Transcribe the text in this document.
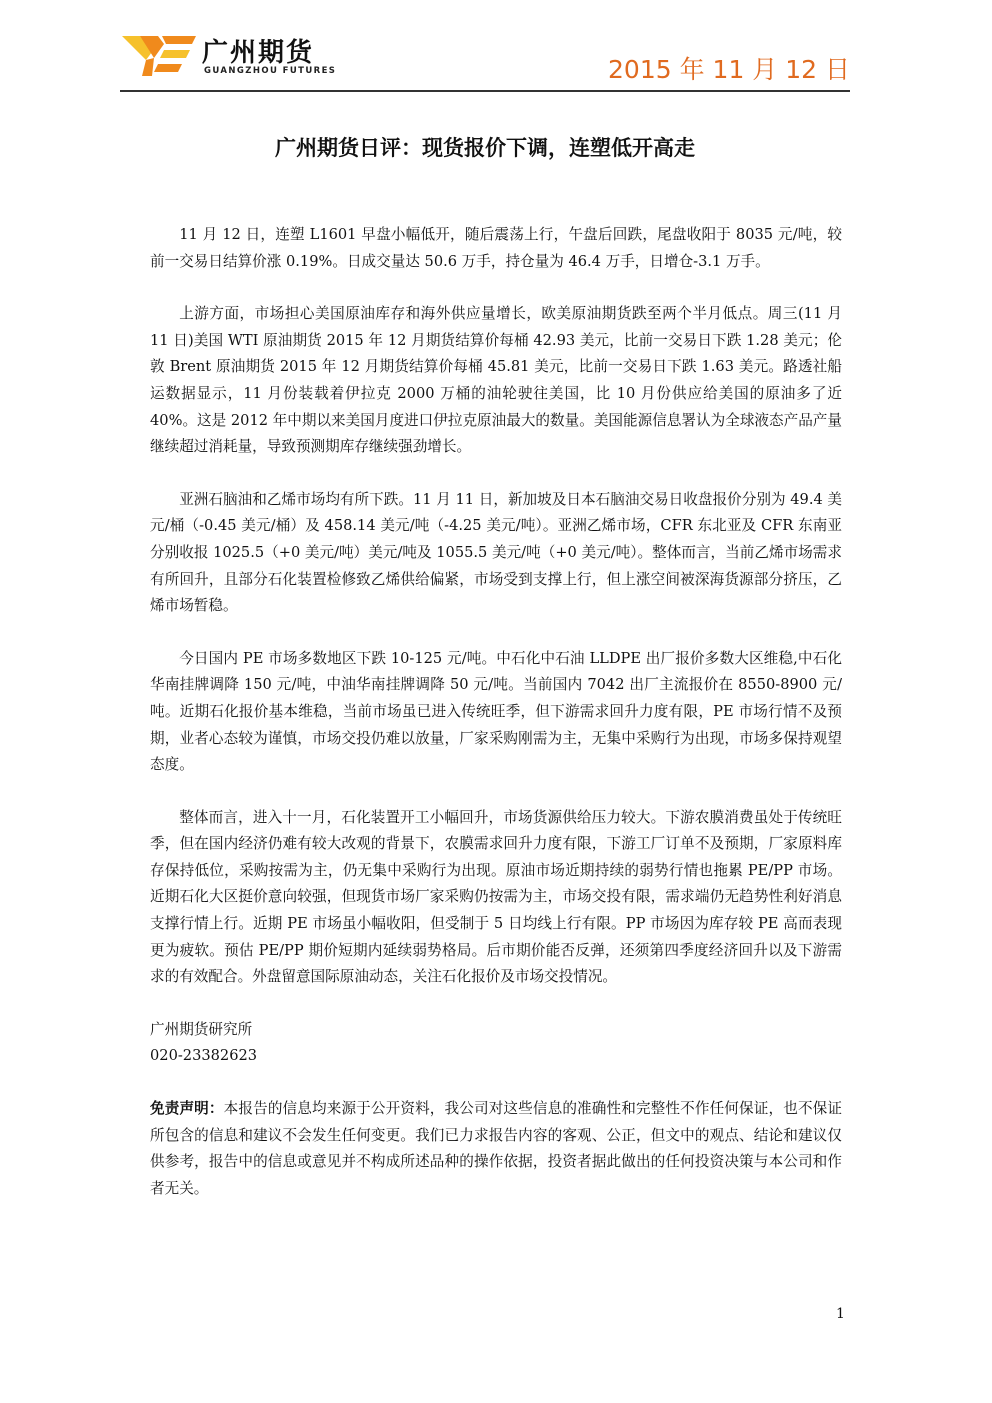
广州期货
GUANGZHOU FUTURES	2015 年 11 月 12 日
广州期货日评：现货报价下调，连塑低开高走

11 月 12 日，连塑 L1601 早盘小幅低开，随后震荡上行，午盘后回跌，尾盘收阳于 8035 元/吨，较前一交易日结算价涨 0.19%。日成交量达 50.6 万手，持仓量为 46.4 万手，日增仓-3.1 万手。

上游方面，市场担心美国原油库存和海外供应量增长，欧美原油期货跌至两个半月低点。周三(11 月 11 日)美国 WTI 原油期货 2015 年 12 月期货结算价每桶 42.93 美元，比前一交易日下跌 1.28 美元；伦敦 Brent 原油期货 2015 年 12 月期货结算价每桶 45.81 美元，比前一交易日下跌 1.63 美元。路透社船运数据显示，11 月份装载着伊拉克 2000 万桶的油轮驶往美国，比 10 月份供应给美国的原油多了近 40%。这是 2012 年中期以来美国月度进口伊拉克原油最大的数量。美国能源信息署认为全球液态产品产量继续超过消耗量，导致预测期库存继续强劲增长。

亚洲石脑油和乙烯市场均有所下跌。11 月 11 日，新加坡及日本石脑油交易日收盘报价分别为 49.4 美元/桶（-0.45 美元/桶）及 458.14 美元/吨（-4.25 美元/吨）。亚洲乙烯市场，CFR 东北亚及 CFR 东南亚分别收报 1025.5（+0 美元/吨）美元/吨及 1055.5 美元/吨（+0 美元/吨）。整体而言，当前乙烯市场需求有所回升，且部分石化装置检修致乙烯供给偏紧，市场受到支撑上行，但上涨空间被深海货源部分挤压，乙烯市场暂稳。

今日国内 PE 市场多数地区下跌 10-125 元/吨。中石化中石油 LLDPE 出厂报价多数大区维稳,中石化华南挂牌调降 150 元/吨，中油华南挂牌调降 50 元/吨。当前国内 7042 出厂主流报价在 8550-8900 元/吨。近期石化报价基本维稳，当前市场虽已进入传统旺季，但下游需求回升力度有限，PE 市场行情不及预期，业者心态较为谨慎，市场交投仍难以放量，厂家采购刚需为主，无集中采购行为出现，市场多保持观望态度。

整体而言，进入十一月，石化装置开工小幅回升，市场货源供给压力较大。下游农膜消费虽处于传统旺季，但在国内经济仍难有较大改观的背景下，农膜需求回升力度有限，下游工厂订单不及预期，厂家原料库存保持低位，采购按需为主，仍无集中采购行为出现。原油市场近期持续的弱势行情也拖累 PE/PP 市场。近期石化大区挺价意向较强，但现货市场厂家采购仍按需为主，市场交投有限，需求端仍无趋势性利好消息支撑行情上行。近期 PE 市场虽小幅收阳，但受制于 5 日均线上行有限。PP 市场因为库存较 PE 高而表现更为疲软。预估 PE/PP 期价短期内延续弱势格局。后市期价能否反弹，还须第四季度经济回升以及下游需求的有效配合。外盘留意国际原油动态，关注石化报价及市场交投情况。

广州期货研究所

020-23382623

免责声明：本报告的信息均来源于公开资料，我公司对这些信息的准确性和完整性不作任何保证，也不保证所包含的信息和建议不会发生任何变更。我们已力求报告内容的客观、公正，但文中的观点、结论和建议仅供参考，报告中的信息或意见并不构成所述品种的操作依据，投资者据此做出的任何投资决策与本公司和作者无关。

1
